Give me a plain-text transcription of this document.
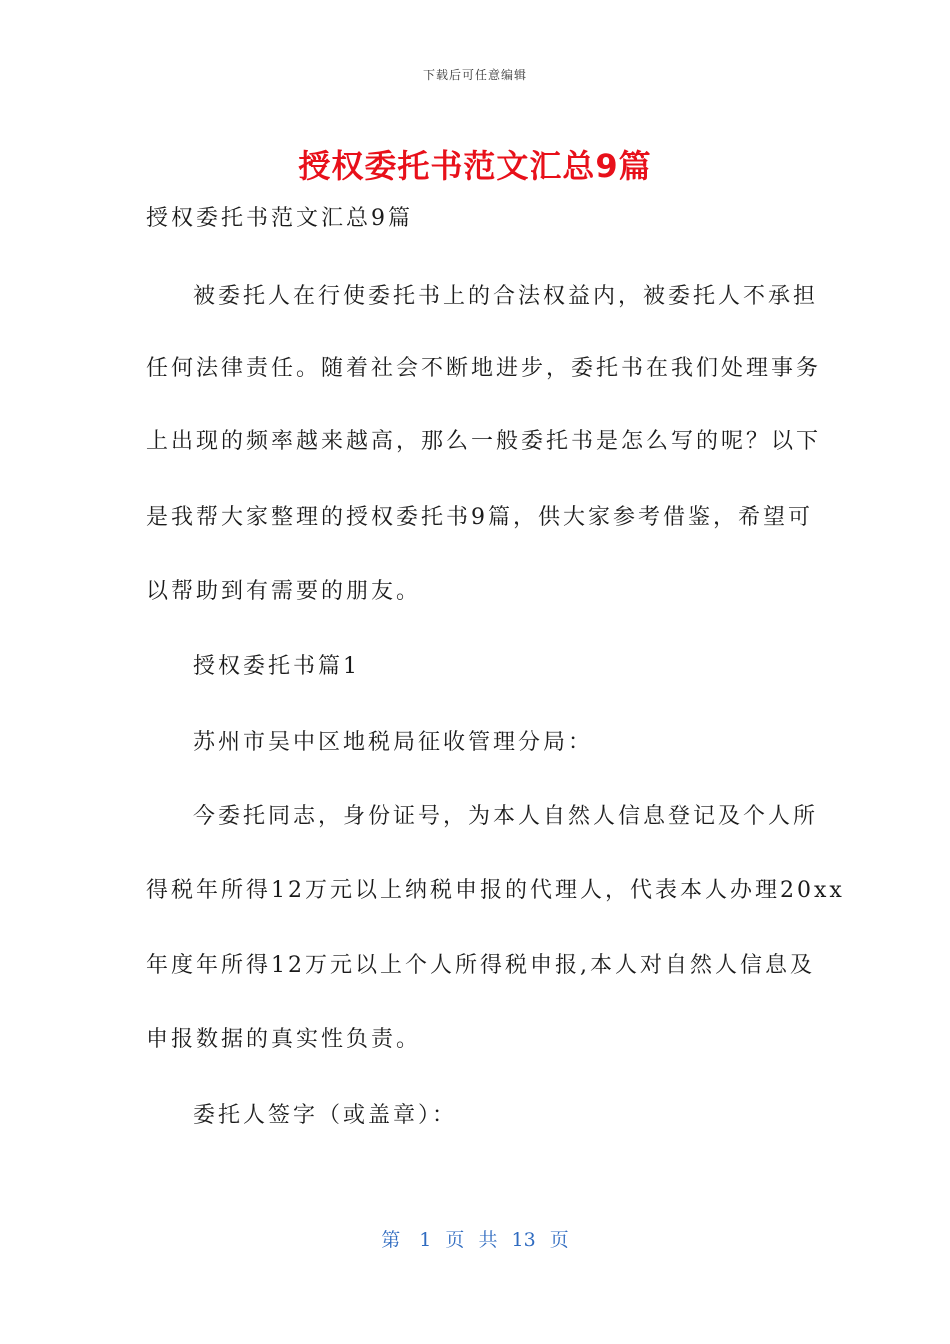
下载后可任意编辑
授权委托书范文汇总9篇
授权委托书范文汇总9篇
被委托人在行使委托书上的合法权益内，被委托人不承担
任何法律责任。随着社会不断地进步，委托书在我们处理事务
上出现的频率越来越高，那么一般委托书是怎么写的呢？以下
是我帮大家整理的授权委托书9篇，供大家参考借鉴，希望可
以帮助到有需要的朋友。
授权委托书篇1
苏州市吴中区地税局征收管理分局：
今委托同志，身份证号，为本人自然人信息登记及个人所
得税年所得12万元以上纳税申报的代理人，代表本人办理20xx
年度年所得12万元以上个人所得税申报,本人对自然人信息及
申报数据的真实性负责。
委托人签字（或盖章）：
第　1 页 共 13 页
